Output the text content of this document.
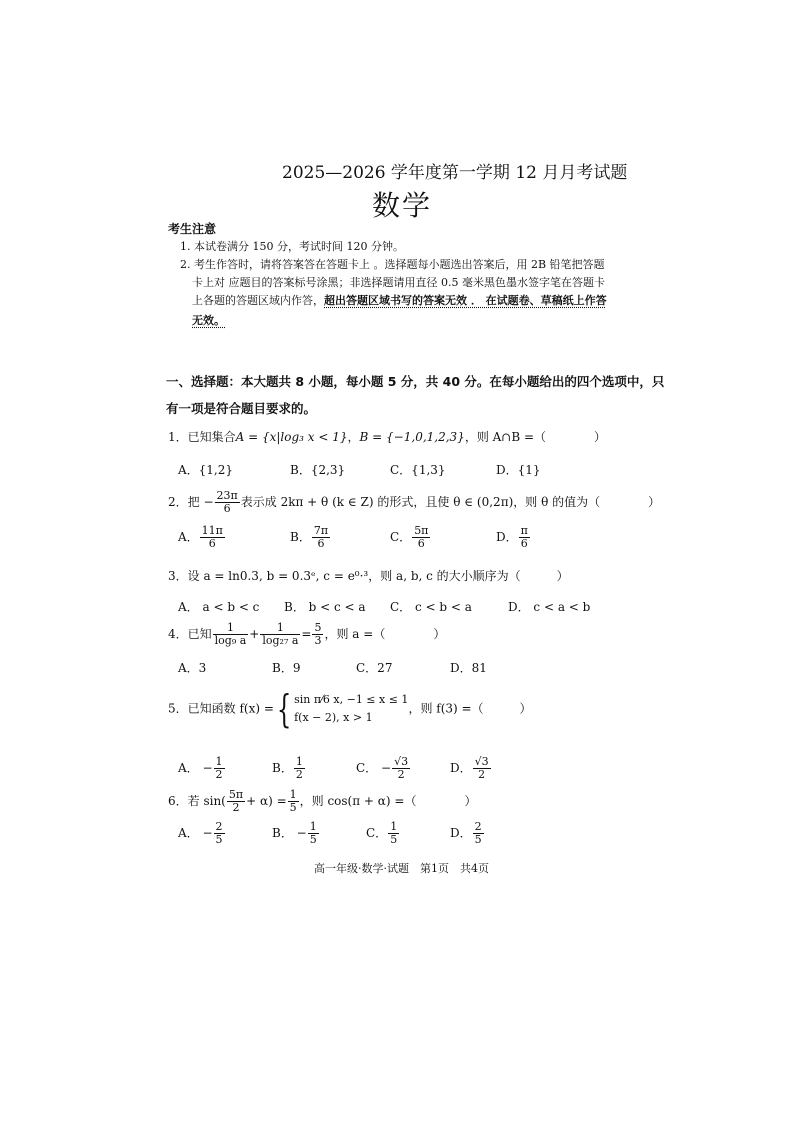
2025—2026 学年度第一学期 12 月月考试题
数学
考生注意
1. 本试卷满分 150 分，考试时间 120 分钟。
2. 考生作答时，请将答案答在答题卡上 。选择题每小题选出答案后，用 2B 铅笔把答题
卡上对 应题目的答案标号涂黑；非选择题请用直径 0.5 毫米黑色墨水签字笔在答题卡
上各题的答题区域内作答，超出答题区域书写的答案无效 ． 在试题卷、草稿纸上作答
无效。
一、选择题：本大题共 8 小题，每小题 5 分，共 40 分。在每小题给出的四个选项中，只
有一项是符合题目要求的。
1．已知集合A = {x|log₃ x < 1}，B = {−1,0,1,2,3}，则 A∩B =（　　　　）
A．{1,2}	B．{2,3}	C．{1,3}	D．{1}
2．把 − $\frac{23\pi}{6}$ 表示成 2kπ + θ (k ∈ Z) 的形式，且使 θ ∈ (0,2π)，则 θ 的值为（　　　　）
A． $\frac{11\pi}{6}$	B． $\frac{7\pi}{6}$	C． $\frac{5\pi}{6}$	D． $\frac{\pi}{6}$
3．设 a = ln0.3, b = 0.3ᵉ, c = e⁰·³，则 a, b, c 的大小顺序为（　　　）
A． a < b < c B． b < c < a C． c < b < a	D． c < a < b
4．已知 $\frac{1}{\text{log₉ a}} + \frac{1}{\text{log₂₇ a}} = \frac{5}{3}$ ，则 a =（　　　　）
A．3	B．9	C．27	D．81
5．已知函数 f(x) ={ sin π⁄6 x, −1 ≤ x ≤ 1
f(x − 2), x > 1
，则 f(3) =（　　　）
A． − $\frac{1}{2}$	B． $\frac{1}{2}$	C． − $\frac{√3}{2}$	D． $\frac{√3}{2}$
6．若 $\sin( \frac{5\pi}{2} + \alpha) = \frac{1}{5}$ ，则 cos(π + α) =（　　　　）
A． − $\frac{2}{5}$	B． − $\frac{1}{5}$	C． $\frac{1}{5}$	D． $\frac{2}{5}$
高一年级·数学·试题　第1页　共4页
